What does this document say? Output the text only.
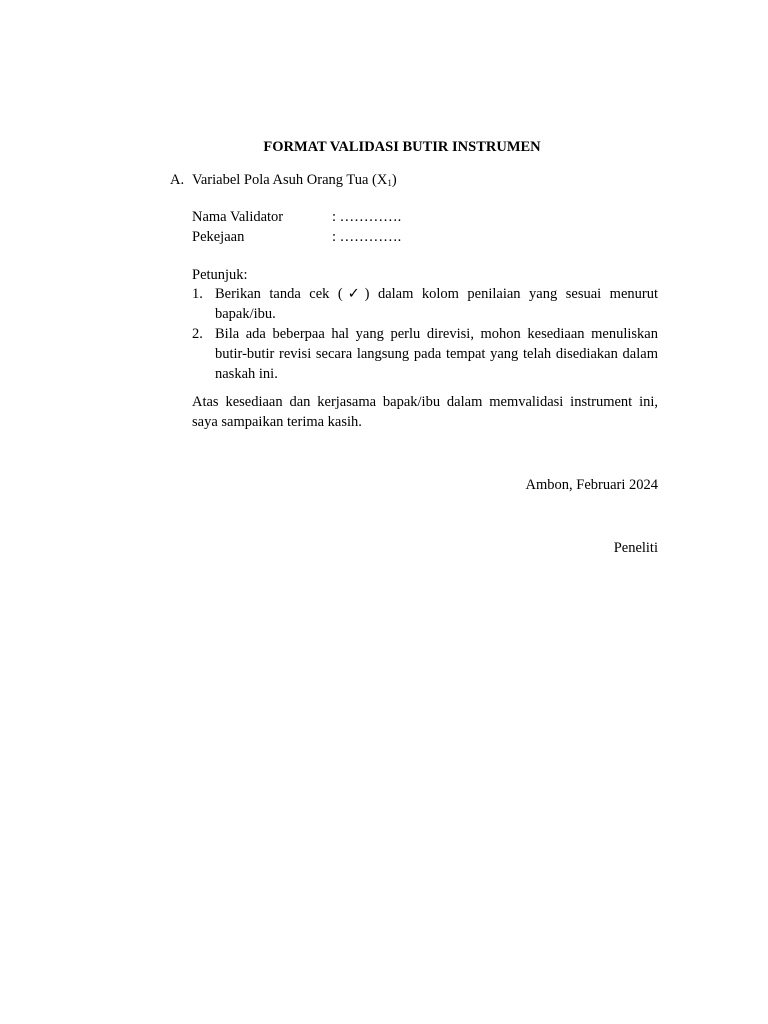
FORMAT VALIDASI BUTIR INSTRUMEN
A. Variabel Pola Asuh Orang Tua $(X_1)$
Nama Validator	: ………….
Pekejaan	: ………….
Petunjuk:
1. Berikan tanda cek (✓) dalam kolom penilaian yang sesuai menurut bapak/ibu.
2. Bila ada beberpaa hal yang perlu direvisi, mohon kesediaan menuliskan butir-butir revisi secara langsung pada tempat yang telah disediakan dalam naskah ini.
Atas kesediaan dan kerjasama bapak/ibu dalam memvalidasi instrument ini, saya sampaikan terima kasih.
Ambon, Februari 2024
Peneliti
